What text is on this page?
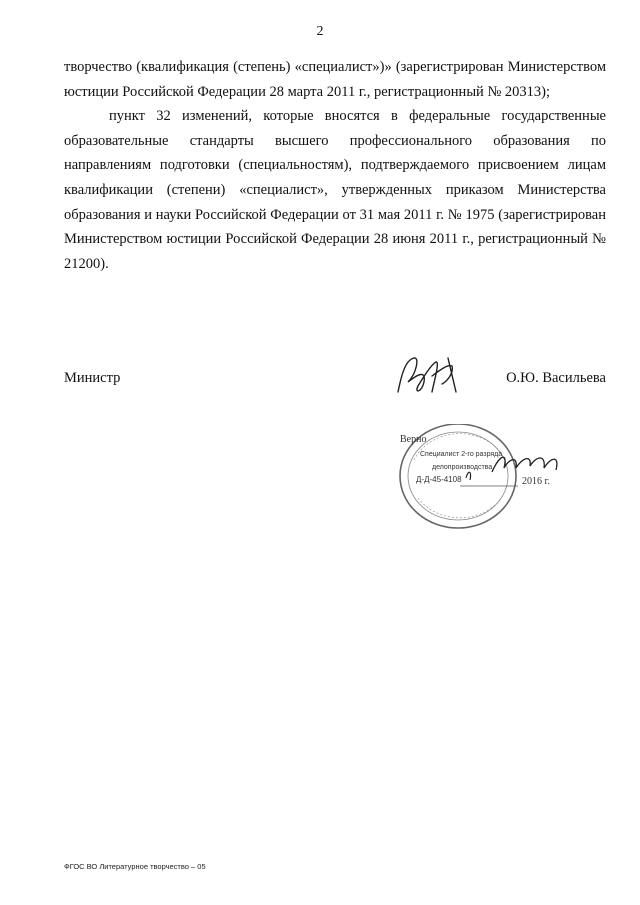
2

творчество (квалификация (степень) «специалист»)» (зарегистрирован Министерством юстиции Российской Федерации 28 марта 2011 г., регистрационный № 20313);

пункт 32 изменений, которые вносятся в федеральные государственные образовательные стандарты высшего профессионального образования по направлениям подготовки (специальностям), подтверждаемого присвоением лицам квалификации (степени) «специалист», утвержденных приказом Министерства образования и науки Российской Федерации от 31 мая 2011 г. № 1975 (зарегистрирован Министерством юстиции Российской Федерации 28 июня 2011 г., регистрационный № 21200).

Министр	О.Ю. Васильева
Верно
Специалист 2-го разряда
делопроизводства
Д-Д-45-4108	2016 г.
ФГОС ВО Литературное творчество – 05
